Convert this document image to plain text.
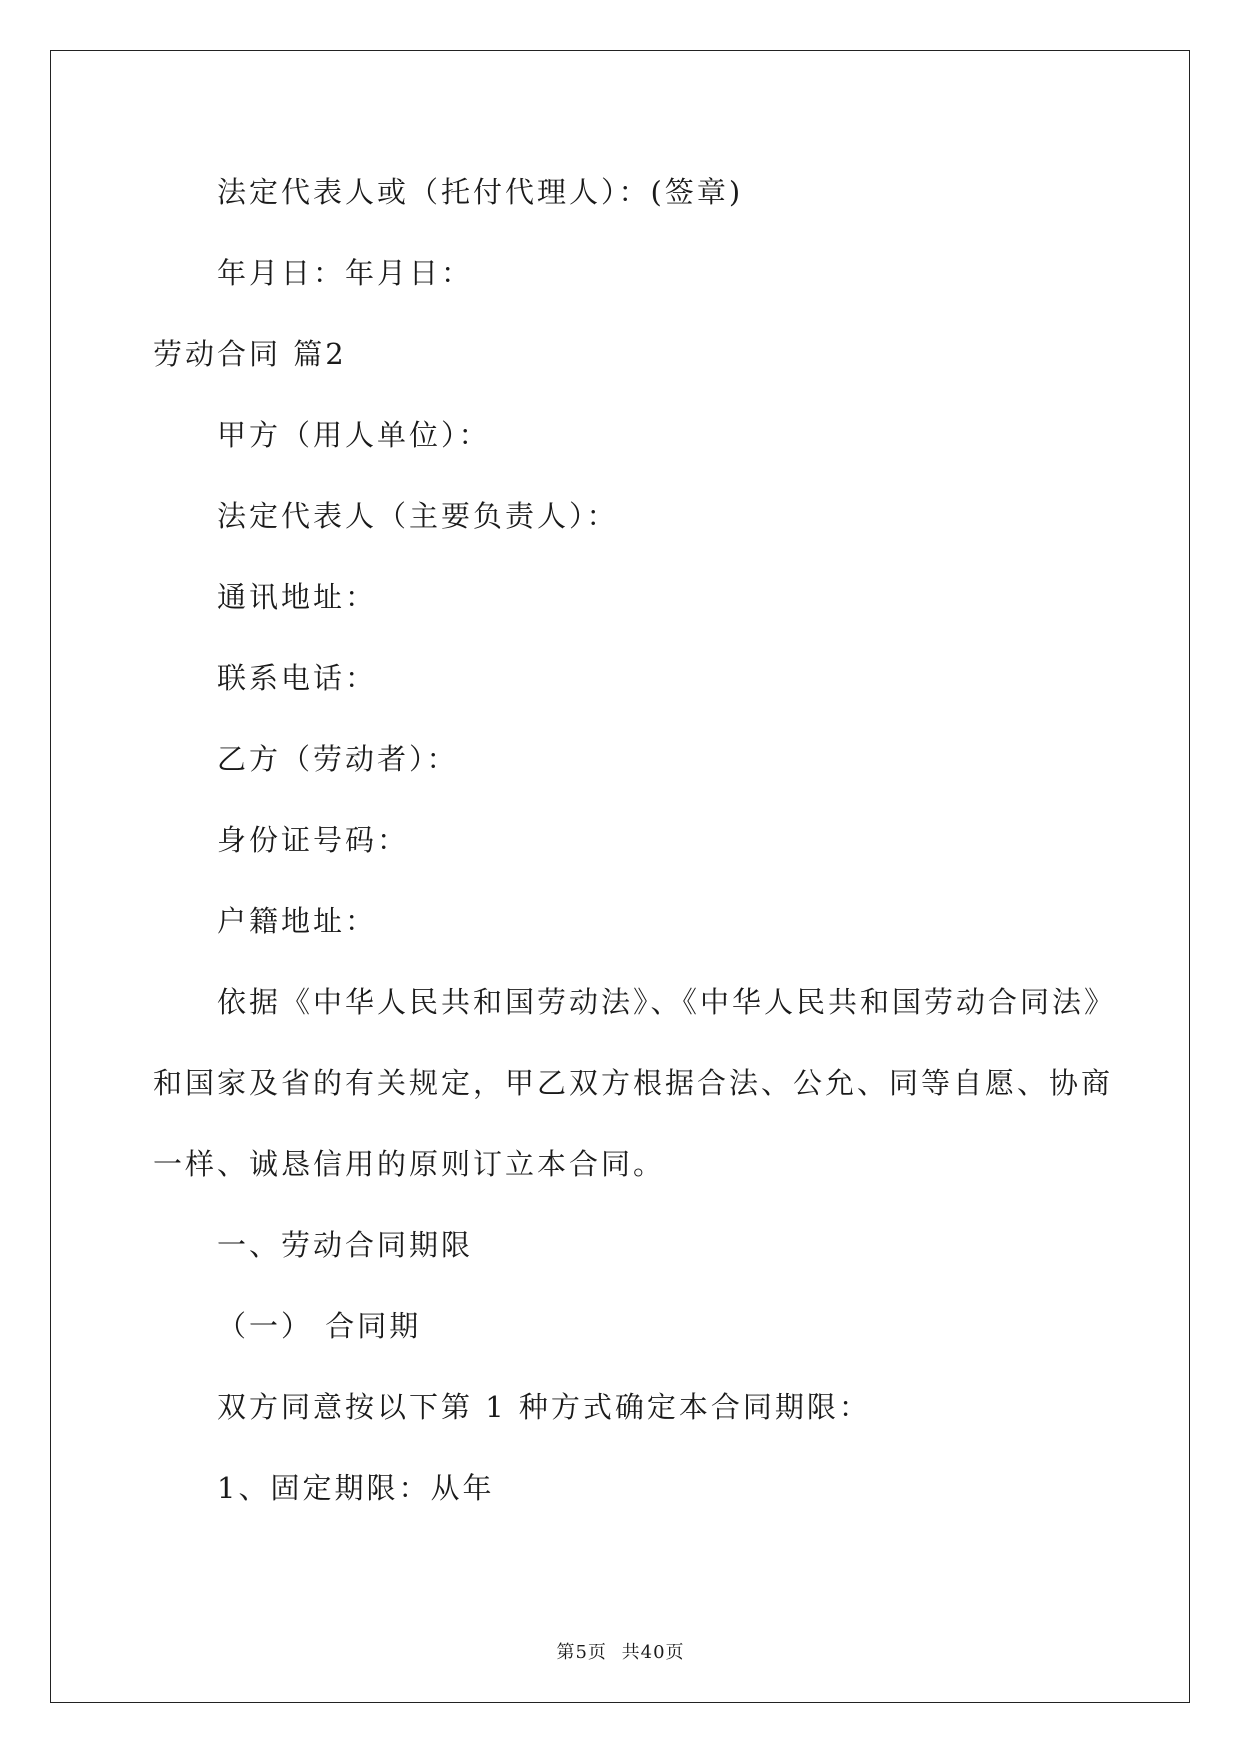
法定代表人或（托付代理人）：(签章)
年月日：年月日：
劳动合同 篇2
甲方（用人单位）：
法定代表人（主要负责人）：
通讯地址：
联系电话：
乙方（劳动者）：
身份证号码：
户籍地址：
依据《中华人民共和国劳动法》、《中华人民共和国劳动合同法》
和国家及省的有关规定，甲乙双方根据合法、公允、同等自愿、协商
一样、诚恳信用的原则订立本合同。
一、劳动合同期限
（一） 合同期
双方同意按以下第 1 种方式确定本合同期限：
1、固定期限：从年
第5页 共40页
